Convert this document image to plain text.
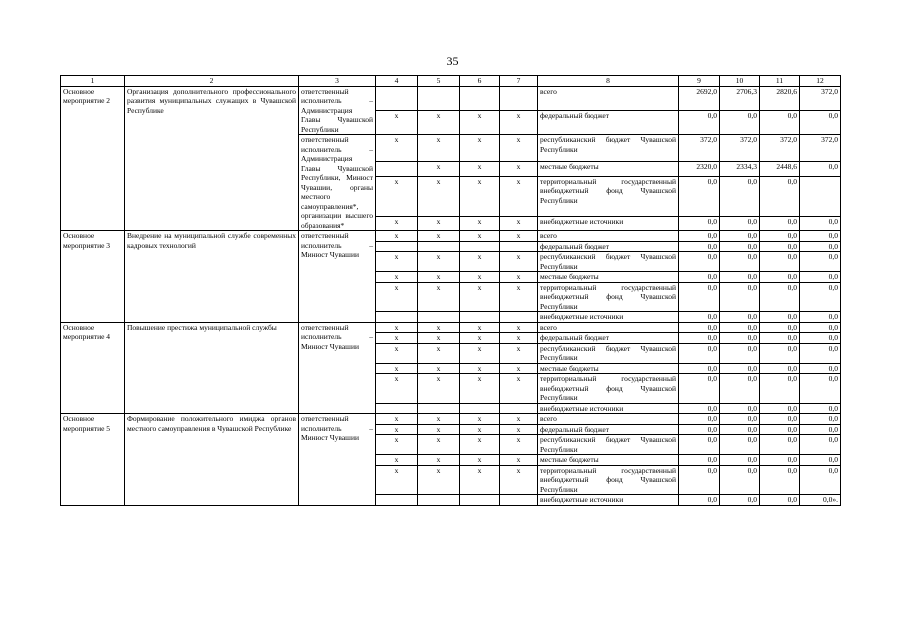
35
1	2	3	4	5	6	7	8	9	10	11	12
Основное мероприятие 2	Организация дополнительного профессионального развития муниципальных служащих в Чувашской Республике	ответственный исполнитель – Администрация Главы Чувашской Республики					всего	2692,0	2706,3	2820,6	372,0
			x	x	x	x	федеральный бюджет	0,0	0,0	0,0	0,0
		ответственный исполнитель – Администрация Главы Чувашской Республики, Минюст Чувашии, органы местного самоуправления*, организации высшего образования*	x	x	x	x	республиканский бюджет Чувашской Республики	372,0	372,0	372,0	372,0
				x	x	x	местные бюджеты	2320,0	2334,3	2448,6	0,0
			x	x	x	x	территориальный государственный внебюджетный фонд Чувашской Республики	0,0	0,0	0,0	
			x	x	x	x	внебюджетные источники	0,0	0,0	0,0	0,0
Основное мероприятие 3	Внедрение на муниципальной службе современных кадровых технологий	ответственный исполнитель – Минюст Чувашии	x	x	x	x	всего	0,0	0,0	0,0	0,0
							федеральный бюджет	0,0	0,0	0,0	0,0
			x	x	x	x	республиканский бюджет Чувашской Республики	0,0	0,0	0,0	0,0
			x	x	x	x	местные бюджеты	0,0	0,0	0,0	0,0
			x	x	x	x	территориальный государственный внебюджетный фонд Чувашской Республики	0,0	0,0	0,0	0,0
							внебюджетные источники	0,0	0,0	0,0	0,0
Основное мероприятие 4	Повышение престижа муниципальной службы	ответственный исполнитель – Минюст Чувашии	x	x	x	x	всего	0,0	0,0	0,0	0,0
			x	x	x	x	федеральный бюджет	0,0	0,0	0,0	0,0
			x	x	x	x	республиканский бюджет Чувашской Республики	0,0	0,0	0,0	0,0
			x	x	x	x	местные бюджеты	0,0	0,0	0,0	0,0
			x	x	x	x	территориальный государственный внебюджетный фонд Чувашской Республики	0,0	0,0	0,0	0,0
							внебюджетные источники	0,0	0,0	0,0	0,0
Основное мероприятие 5	Формирование положительного имиджа органов местного самоуправления в Чувашской Республике	ответственный исполнитель – Минюст Чувашии	x	x	x	x	всего	0,0	0,0	0,0	0,0
			x	x	x	x	федеральный бюджет	0,0	0,0	0,0	0,0
			x	x	x	x	республиканский бюджет Чувашской Республики	0,0	0,0	0,0	0,0
			x	x	x	x	местные бюджеты	0,0	0,0	0,0	0,0
			x	x	x	x	территориальный государственный внебюджетный фонд Чувашской Республики	0,0	0,0	0,0	0,0
							внебюджетные источники	0,0	0,0	0,0	0,0».
